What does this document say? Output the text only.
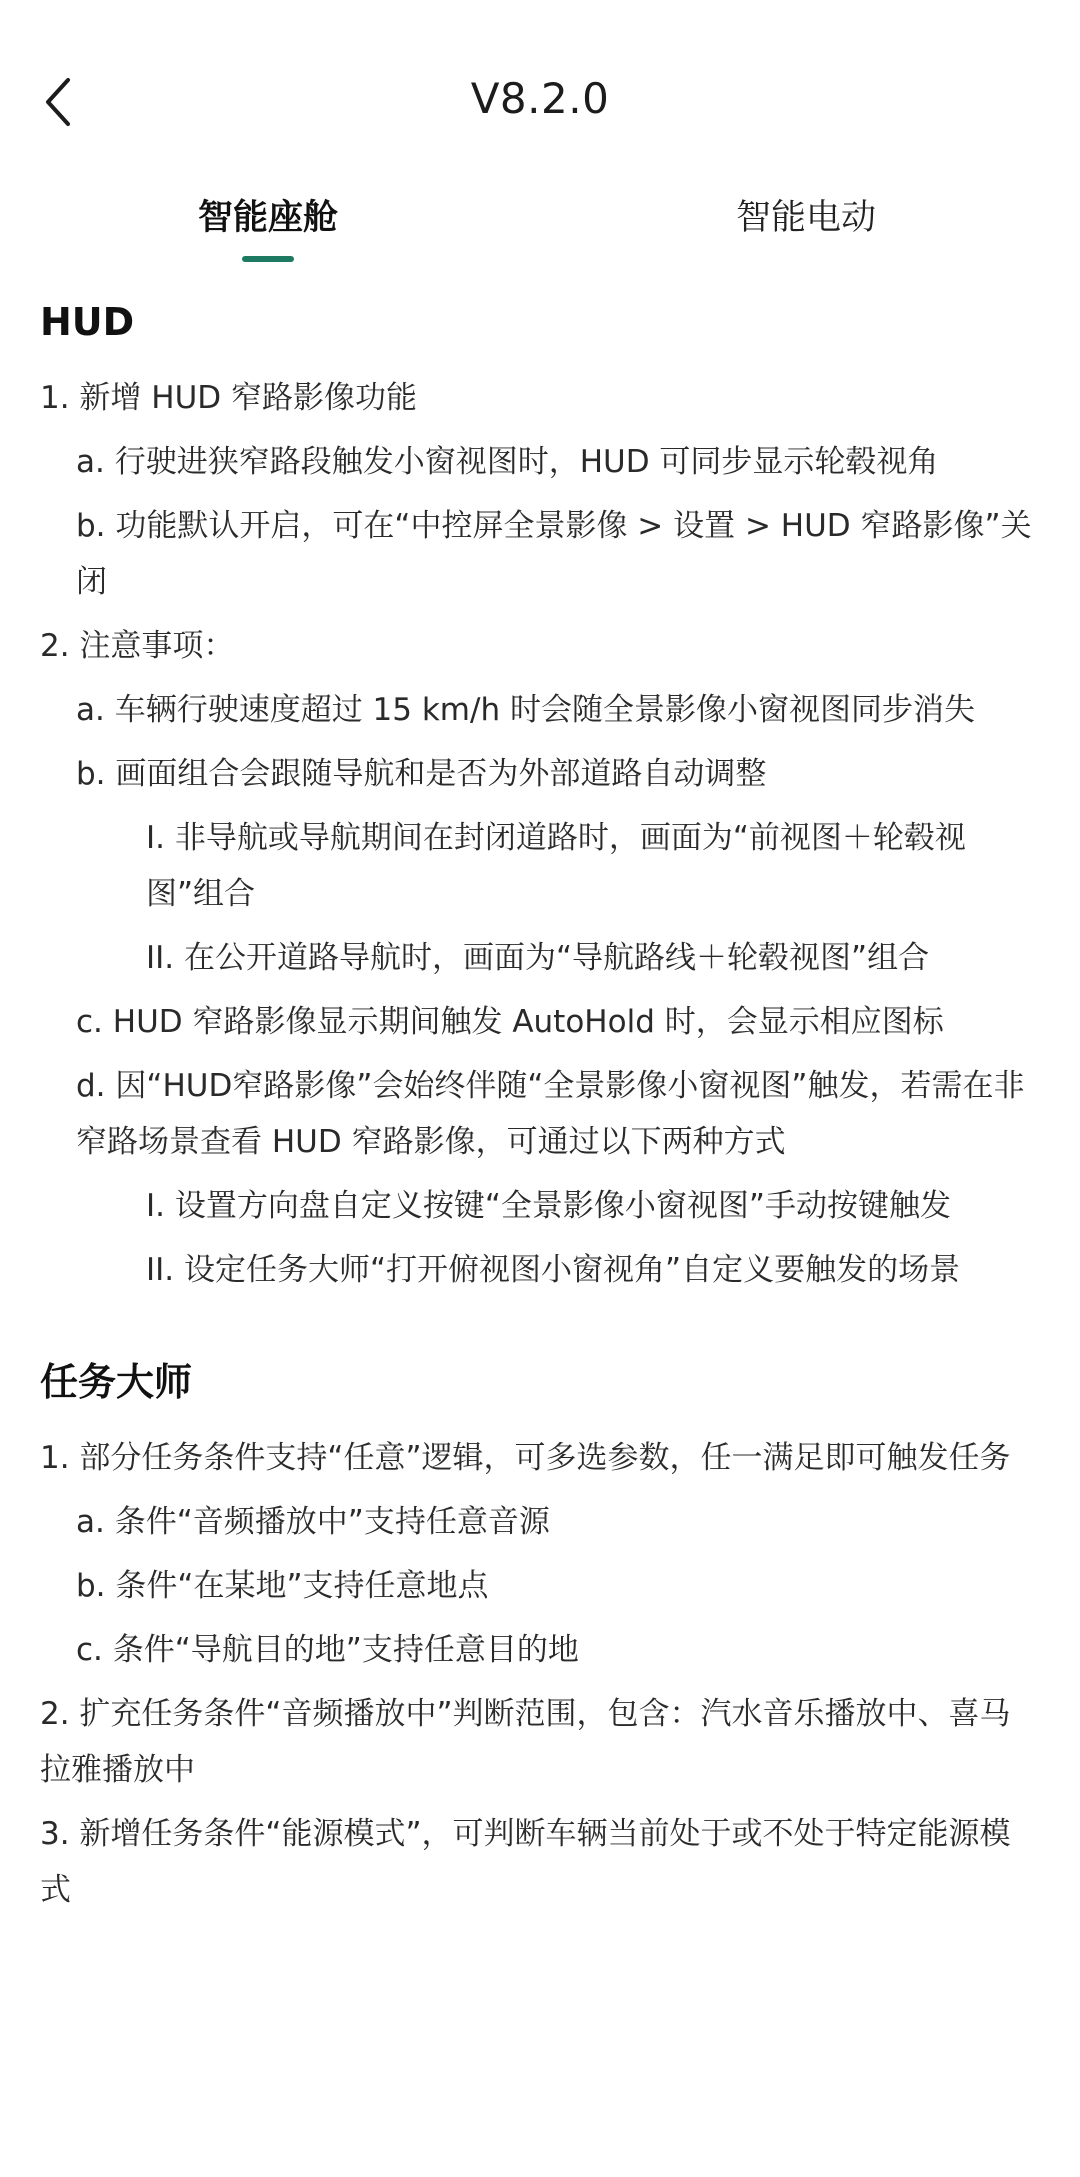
V8.2.0
智能座舱	智能电动
HUD
1. 新增 HUD 窄路影像功能
a. 行驶进狭窄路段触发小窗视图时，HUD 可同步显示轮毂视角
b. 功能默认开启，可在“中控屏全景影像 > 设置 > HUD 窄路影像”关闭
2. 注意事项：
a. 车辆行驶速度超过 15 km/h 时会随全景影像小窗视图同步消失
b. 画面组合会跟随导航和是否为外部道路自动调整
I. 非导航或导航期间在封闭道路时，画面为“前视图＋轮毂视图”组合
II. 在公开道路导航时，画面为“导航路线＋轮毂视图”组合
c. HUD 窄路影像显示期间触发 AutoHold 时，会显示相应图标
d. 因“HUD窄路影像”会始终伴随“全景影像小窗视图”触发，若需在非窄路场景查看 HUD 窄路影像，可通过以下两种方式
I. 设置方向盘自定义按键“全景影像小窗视图”手动按键触发
II. 设定任务大师“打开俯视图小窗视角”自定义要触发的场景
任务大师
1. 部分任务条件支持“任意”逻辑，可多选参数，任一满足即可触发任务
a. 条件“音频播放中”支持任意音源
b. 条件“在某地”支持任意地点
c. 条件“导航目的地”支持任意目的地
2. 扩充任务条件“音频播放中”判断范围，包含：汽水音乐播放中、喜马拉雅播放中
3. 新增任务条件“能源模式”，可判断车辆当前处于或不处于特定能源模式
